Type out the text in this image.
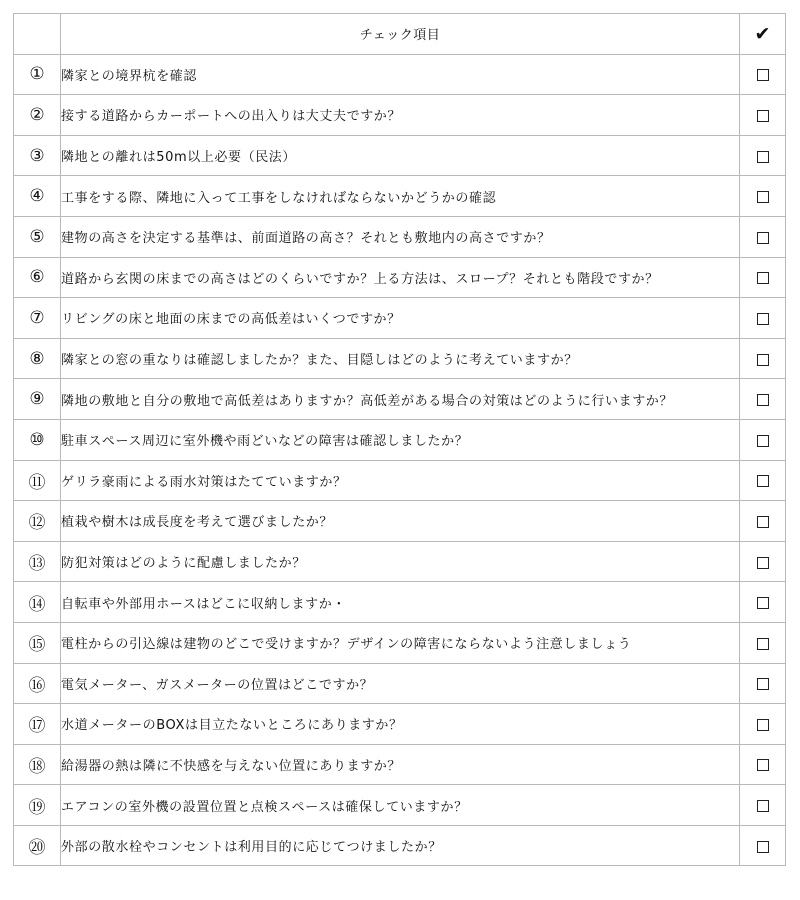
	チェック項目	✔
①	隣家との境界杭を確認	
②	接する道路からカーポートへの出入りは大丈夫ですか？	
③	隣地との離れは50m以上必要（民法）	
④	工事をする際、隣地に入って工事をしなければならないかどうかの確認	
⑤	建物の高さを決定する基準は、前面道路の高さ？それとも敷地内の高さですか？	
⑥	道路から玄関の床までの高さはどのくらいですか？上る方法は、スロープ？それとも階段ですか？	
⑦	リビングの床と地面の床までの高低差はいくつですか？	
⑧	隣家との窓の重なりは確認しましたか？また、目隠しはどのように考えていますか？	
⑨	隣地の敷地と自分の敷地で高低差はありますか？高低差がある場合の対策はどのように行いますか？	
⑩	駐車スペース周辺に室外機や雨どいなどの障害は確認しましたか？	
⑪	ゲリラ豪雨による雨水対策はたてていますか？	
⑫	植栽や樹木は成長度を考えて選びましたか？	
⑬	防犯対策はどのように配慮しましたか？	
⑭	自転車や外部用ホースはどこに収納しますか・	
⑮	電柱からの引込線は建物のどこで受けますか？デザインの障害にならないよう注意しましょう	
⑯	電気メーター、ガスメーターの位置はどこですか？	
⑰	水道メーターのBOXは目立たないところにありますか？	
⑱	給湯器の熱は隣に不快感を与えない位置にありますか？	
⑲	エアコンの室外機の設置位置と点検スペースは確保していますか？	
⑳	外部の散水栓やコンセントは利用目的に応じてつけましたか？	
